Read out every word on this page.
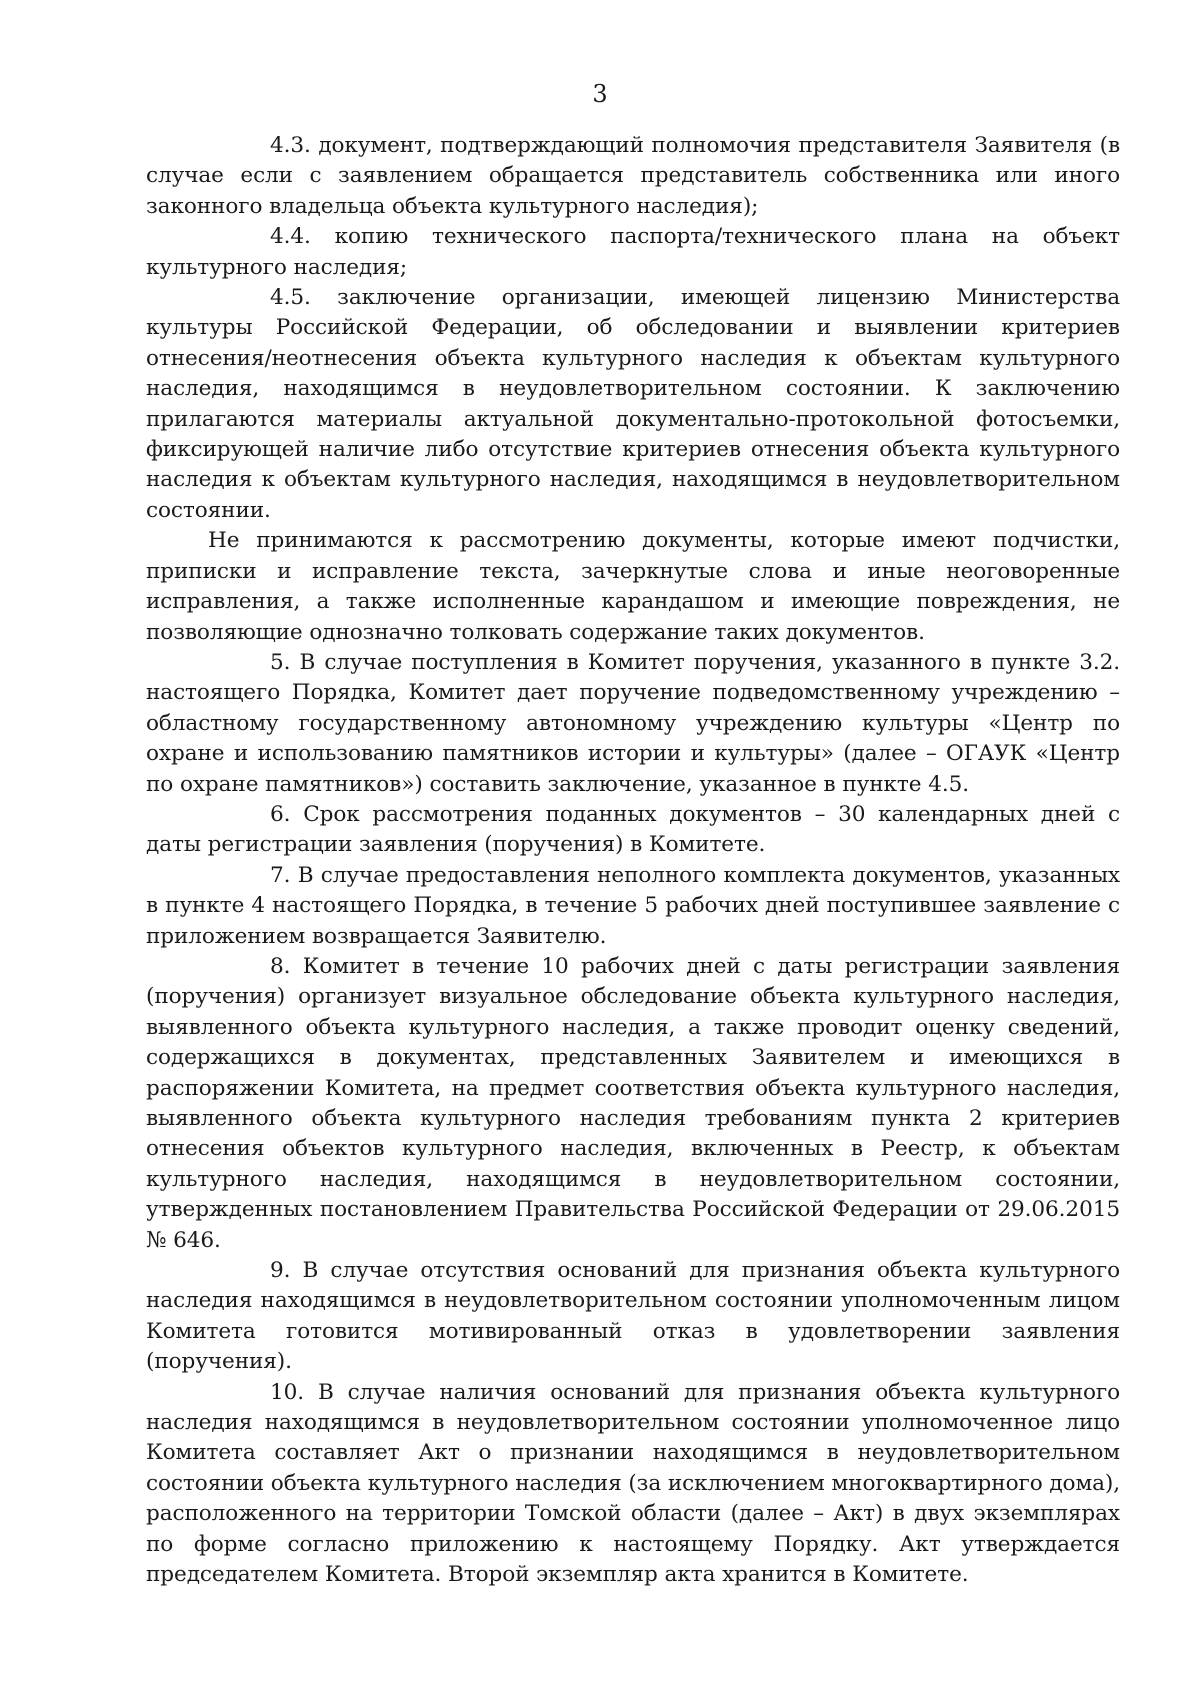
3

4.3. документ, подтверждающий полномочия представителя Заявителя (в случае если с заявлением обращается представитель собственника или иного законного владельца объекта культурного наследия);

4.4. копию технического паспорта/технического плана на объект культурного наследия;

4.5. заключение организации, имеющей лицензию Министерства культуры Российской Федерации, об обследовании и выявлении критериев отнесения/неотнесения объекта культурного наследия к объектам культурного наследия, находящимся в неудовлетворительном состоянии. К заключению прилагаются материалы актуальной документально-протокольной фотосъемки, фиксирующей наличие либо отсутствие критериев отнесения объекта культурного наследия к объектам культурного наследия, находящимся в неудовлетворительном состоянии.

Не принимаются к рассмотрению документы, которые имеют подчистки, приписки и исправление текста, зачеркнутые слова и иные неоговоренные исправления, а также исполненные карандашом и имеющие повреждения, не позволяющие однозначно толковать содержание таких документов.

5. В случае поступления в Комитет поручения, указанного в пункте 3.2. настоящего Порядка, Комитет дает поручение подведомственному учреждению – областному государственному автономному учреждению культуры «Центр по охране и использованию памятников истории и культуры» (далее – ОГАУК «Центр по охране памятников») составить заключение, указанное в пункте 4.5.

6. Срок рассмотрения поданных документов – 30 календарных дней с даты регистрации заявления (поручения) в Комитете.

7. В случае предоставления неполного комплекта документов, указанных в пункте 4 настоящего Порядка, в течение 5 рабочих дней поступившее заявление с приложением возвращается Заявителю.

8. Комитет в течение 10 рабочих дней с даты регистрации заявления (поручения) организует визуальное обследование объекта культурного наследия, выявленного объекта культурного наследия, а также проводит оценку сведений, содержащихся в документах, представленных Заявителем и имеющихся в распоряжении Комитета, на предмет соответствия объекта культурного наследия, выявленного объекта культурного наследия требованиям пункта 2 критериев отнесения объектов культурного наследия, включенных в Реестр, к объектам культурного наследия, находящимся в неудовлетворительном состоянии, утвержденных постановлением Правительства Российской Федерации от 29.06.2015 № 646.

9. В случае отсутствия оснований для признания объекта культурного наследия находящимся в неудовлетворительном состоянии уполномоченным лицом Комитета готовится мотивированный отказ в удовлетворении заявления (поручения).

10. В случае наличия оснований для признания объекта культурного наследия находящимся в неудовлетворительном состоянии уполномоченное лицо Комитета составляет Акт о признании находящимся в неудовлетворительном состоянии объекта культурного наследия (за исключением многоквартирного дома), расположенного на территории Томской области (далее – Акт) в двух экземплярах по форме согласно приложению к настоящему Порядку. Акт утверждается председателем Комитета. Второй экземпляр акта хранится в Комитете.
